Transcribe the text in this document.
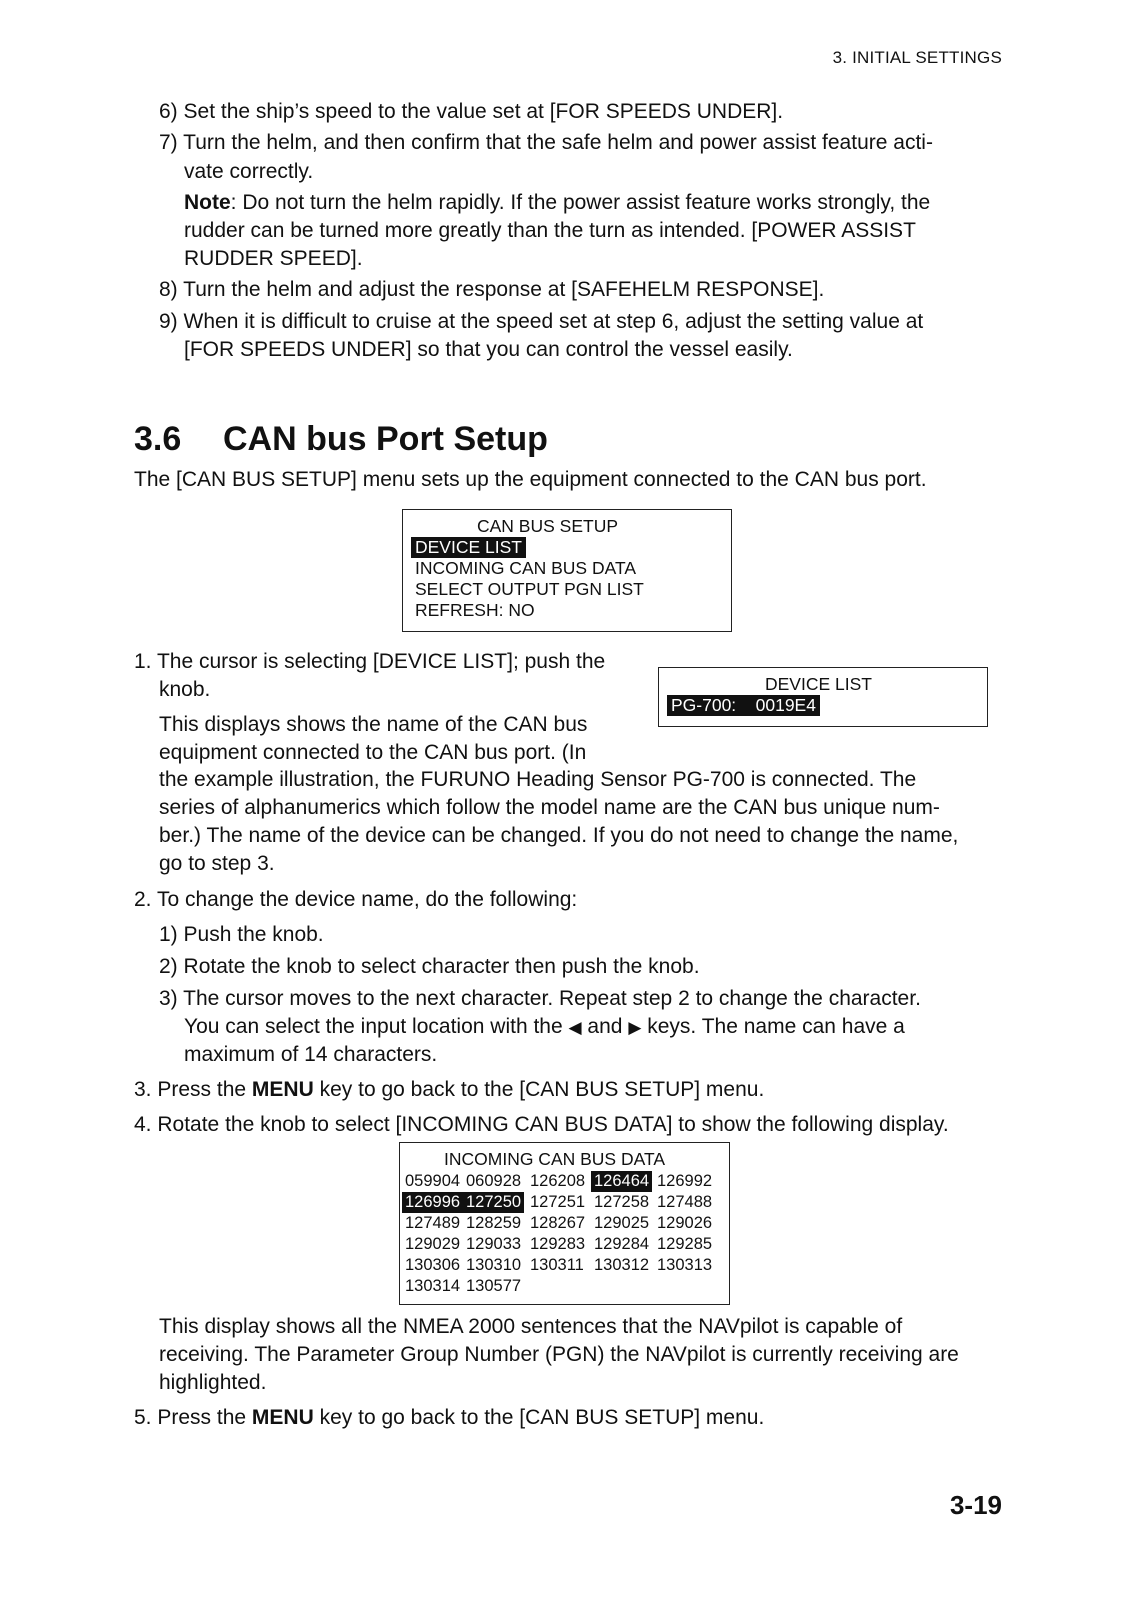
3. INITIAL SETTINGS
6) Set the ship’s speed to the value set at [FOR SPEEDS UNDER].
7) Turn the helm, and then confirm that the safe helm and power assist feature acti-
vate correctly.
Note: Do not turn the helm rapidly. If the power assist feature works strongly, the
rudder can be turned more greatly than the turn as intended. [POWER ASSIST
RUDDER SPEED].
8) Turn the helm and adjust the response at [SAFEHELM RESPONSE].
9) When it is difficult to cruise at the speed set at step 6, adjust the setting value at
[FOR SPEEDS UNDER] so that you can control the vessel easily.
3.6 CAN bus Port Setup
The [CAN BUS SETUP] menu sets up the equipment connected to the CAN bus port.
CAN BUS SETUP
DEVICE LIST
INCOMING CAN BUS DATA
SELECT OUTPUT PGN LIST
REFRESH: NO
1. The cursor is selecting [DEVICE LIST]; push the
knob.
This displays shows the name of the CAN bus
equipment connected to the CAN bus port. (In
the example illustration, the FURUNO Heading Sensor PG-700 is connected. The
series of alphanumerics which follow the model name are the CAN bus unique num-
ber.) The name of the device can be changed. If you do not need to change the name,
go to step 3.
DEVICE LIST
PG-700:    0019E4
2. To change the device name, do the following:
1) Push the knob.
2) Rotate the knob to select character then push the knob.
3) The cursor moves to the next character. Repeat step 2 to change the character.
You can select the input location with the ◀ and ▶ keys. The name can have a
maximum of 14 characters.
3. Press the MENU key to go back to the [CAN BUS SETUP] menu.
4. Rotate the knob to select [INCOMING CAN BUS DATA] to show the following display.
INCOMING CAN BUS DATA
059904 060928 126208 126464 126992
126996 127250 127251 127258 127488
127489 128259 128267 129025 129026
129029 129033 129283 129284 129285
130306 130310 130311 130312 130313
130314 130577
This display shows all the NMEA 2000 sentences that the NAVpilot is capable of
receiving. The Parameter Group Number (PGN) the NAVpilot is currently receiving are
highlighted.
5. Press the MENU key to go back to the [CAN BUS SETUP] menu.
3-19
